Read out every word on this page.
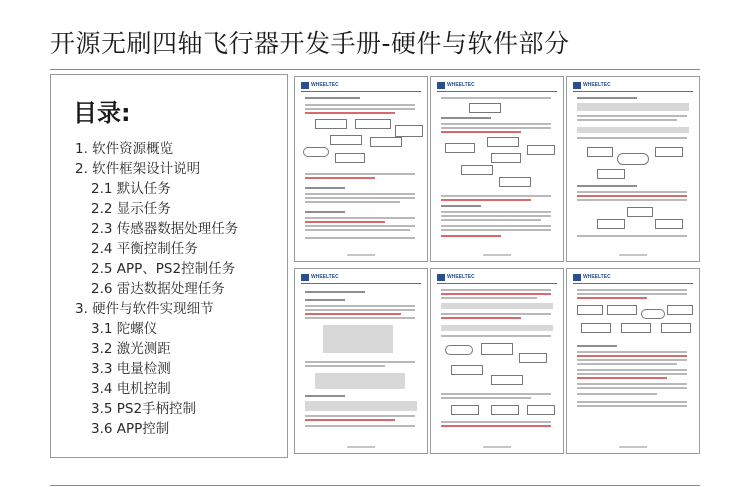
开源无刷四轴飞行器开发手册-硬件与软件部分
目录:
1. 软件资源概览
2. 软件框架设计说明
2.1 默认任务
2.2 显示任务
2.3 传感器数据处理任务
2.4 平衡控制任务
2.5 APP、PS2控制任务
2.6 雷达数据处理任务
3. 硬件与软件实现细节
3.1 陀螺仪
3.2 激光测距
3.3 电量检测
3.4 电机控制
3.5 PS2手柄控制
3.6 APP控制
WHEELTEC	WHEELTEC	WHEELTEC
WHEELTEC	WHEELTEC	WHEELTEC
